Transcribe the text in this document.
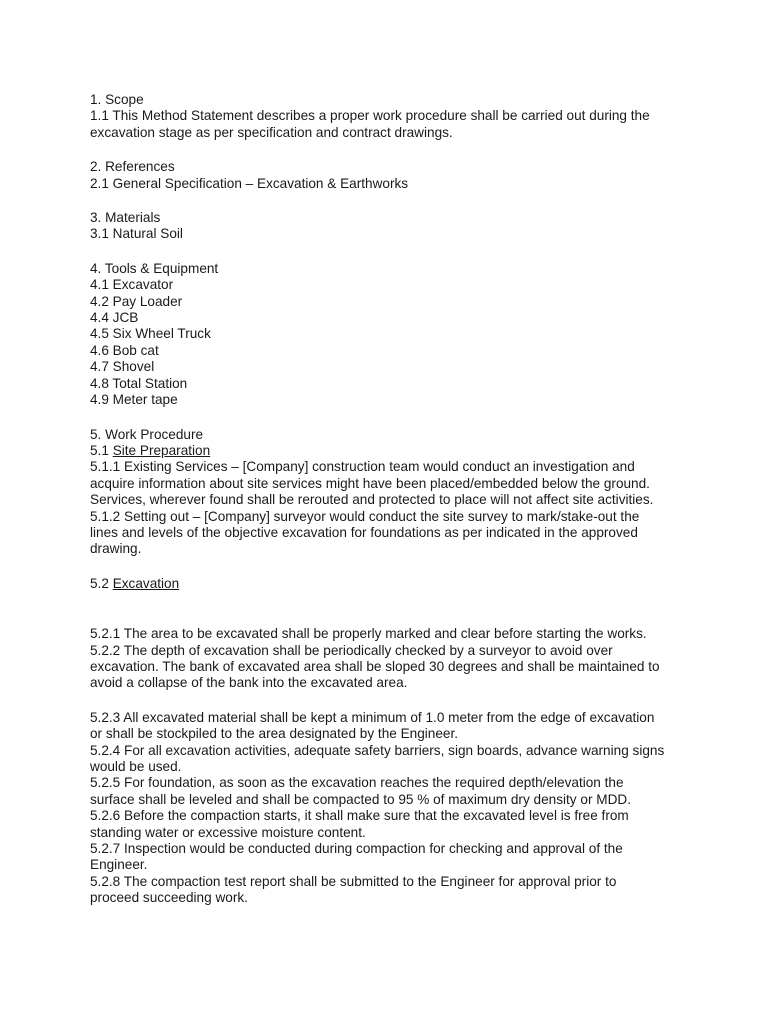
1. Scope
1.1 This Method Statement describes a proper work procedure shall be carried out during the
excavation stage as per specification and contract drawings.
2. References
2.1 General Specification – Excavation & Earthworks
3. Materials
3.1 Natural Soil
4. Tools & Equipment
4.1 Excavator
4.2 Pay Loader
4.4 JCB
4.5 Six Wheel Truck
4.6 Bob cat
4.7 Shovel
4.8 Total Station
4.9 Meter tape
5. Work Procedure
5.1 Site Preparation
5.1.1 Existing Services – [Company] construction team would conduct an investigation and
acquire information about site services might have been placed/embedded below the ground.
Services, wherever found shall be rerouted and protected to place will not affect site activities.
5.1.2 Setting out – [Company] surveyor would conduct the site survey to mark/stake-out the
lines and levels of the objective excavation for foundations as per indicated in the approved
drawing.
5.2 Excavation
5.2.1 The area to be excavated shall be properly marked and clear before starting the works.
5.2.2 The depth of excavation shall be periodically checked by a surveyor to avoid over
excavation. The bank of excavated area shall be sloped 30 degrees and shall be maintained to
avoid a collapse of the bank into the excavated area.
5.2.3 All excavated material shall be kept a minimum of 1.0 meter from the edge of excavation
or shall be stockpiled to the area designated by the Engineer.
5.2.4 For all excavation activities, adequate safety barriers, sign boards, advance warning signs
would be used.
5.2.5 For foundation, as soon as the excavation reaches the required depth/elevation the
surface shall be leveled and shall be compacted to 95 % of maximum dry density or MDD.
5.2.6 Before the compaction starts, it shall make sure that the excavated level is free from
standing water or excessive moisture content.
5.2.7 Inspection would be conducted during compaction for checking and approval of the
Engineer.
5.2.8 The compaction test report shall be submitted to the Engineer for approval prior to
proceed succeeding work.
